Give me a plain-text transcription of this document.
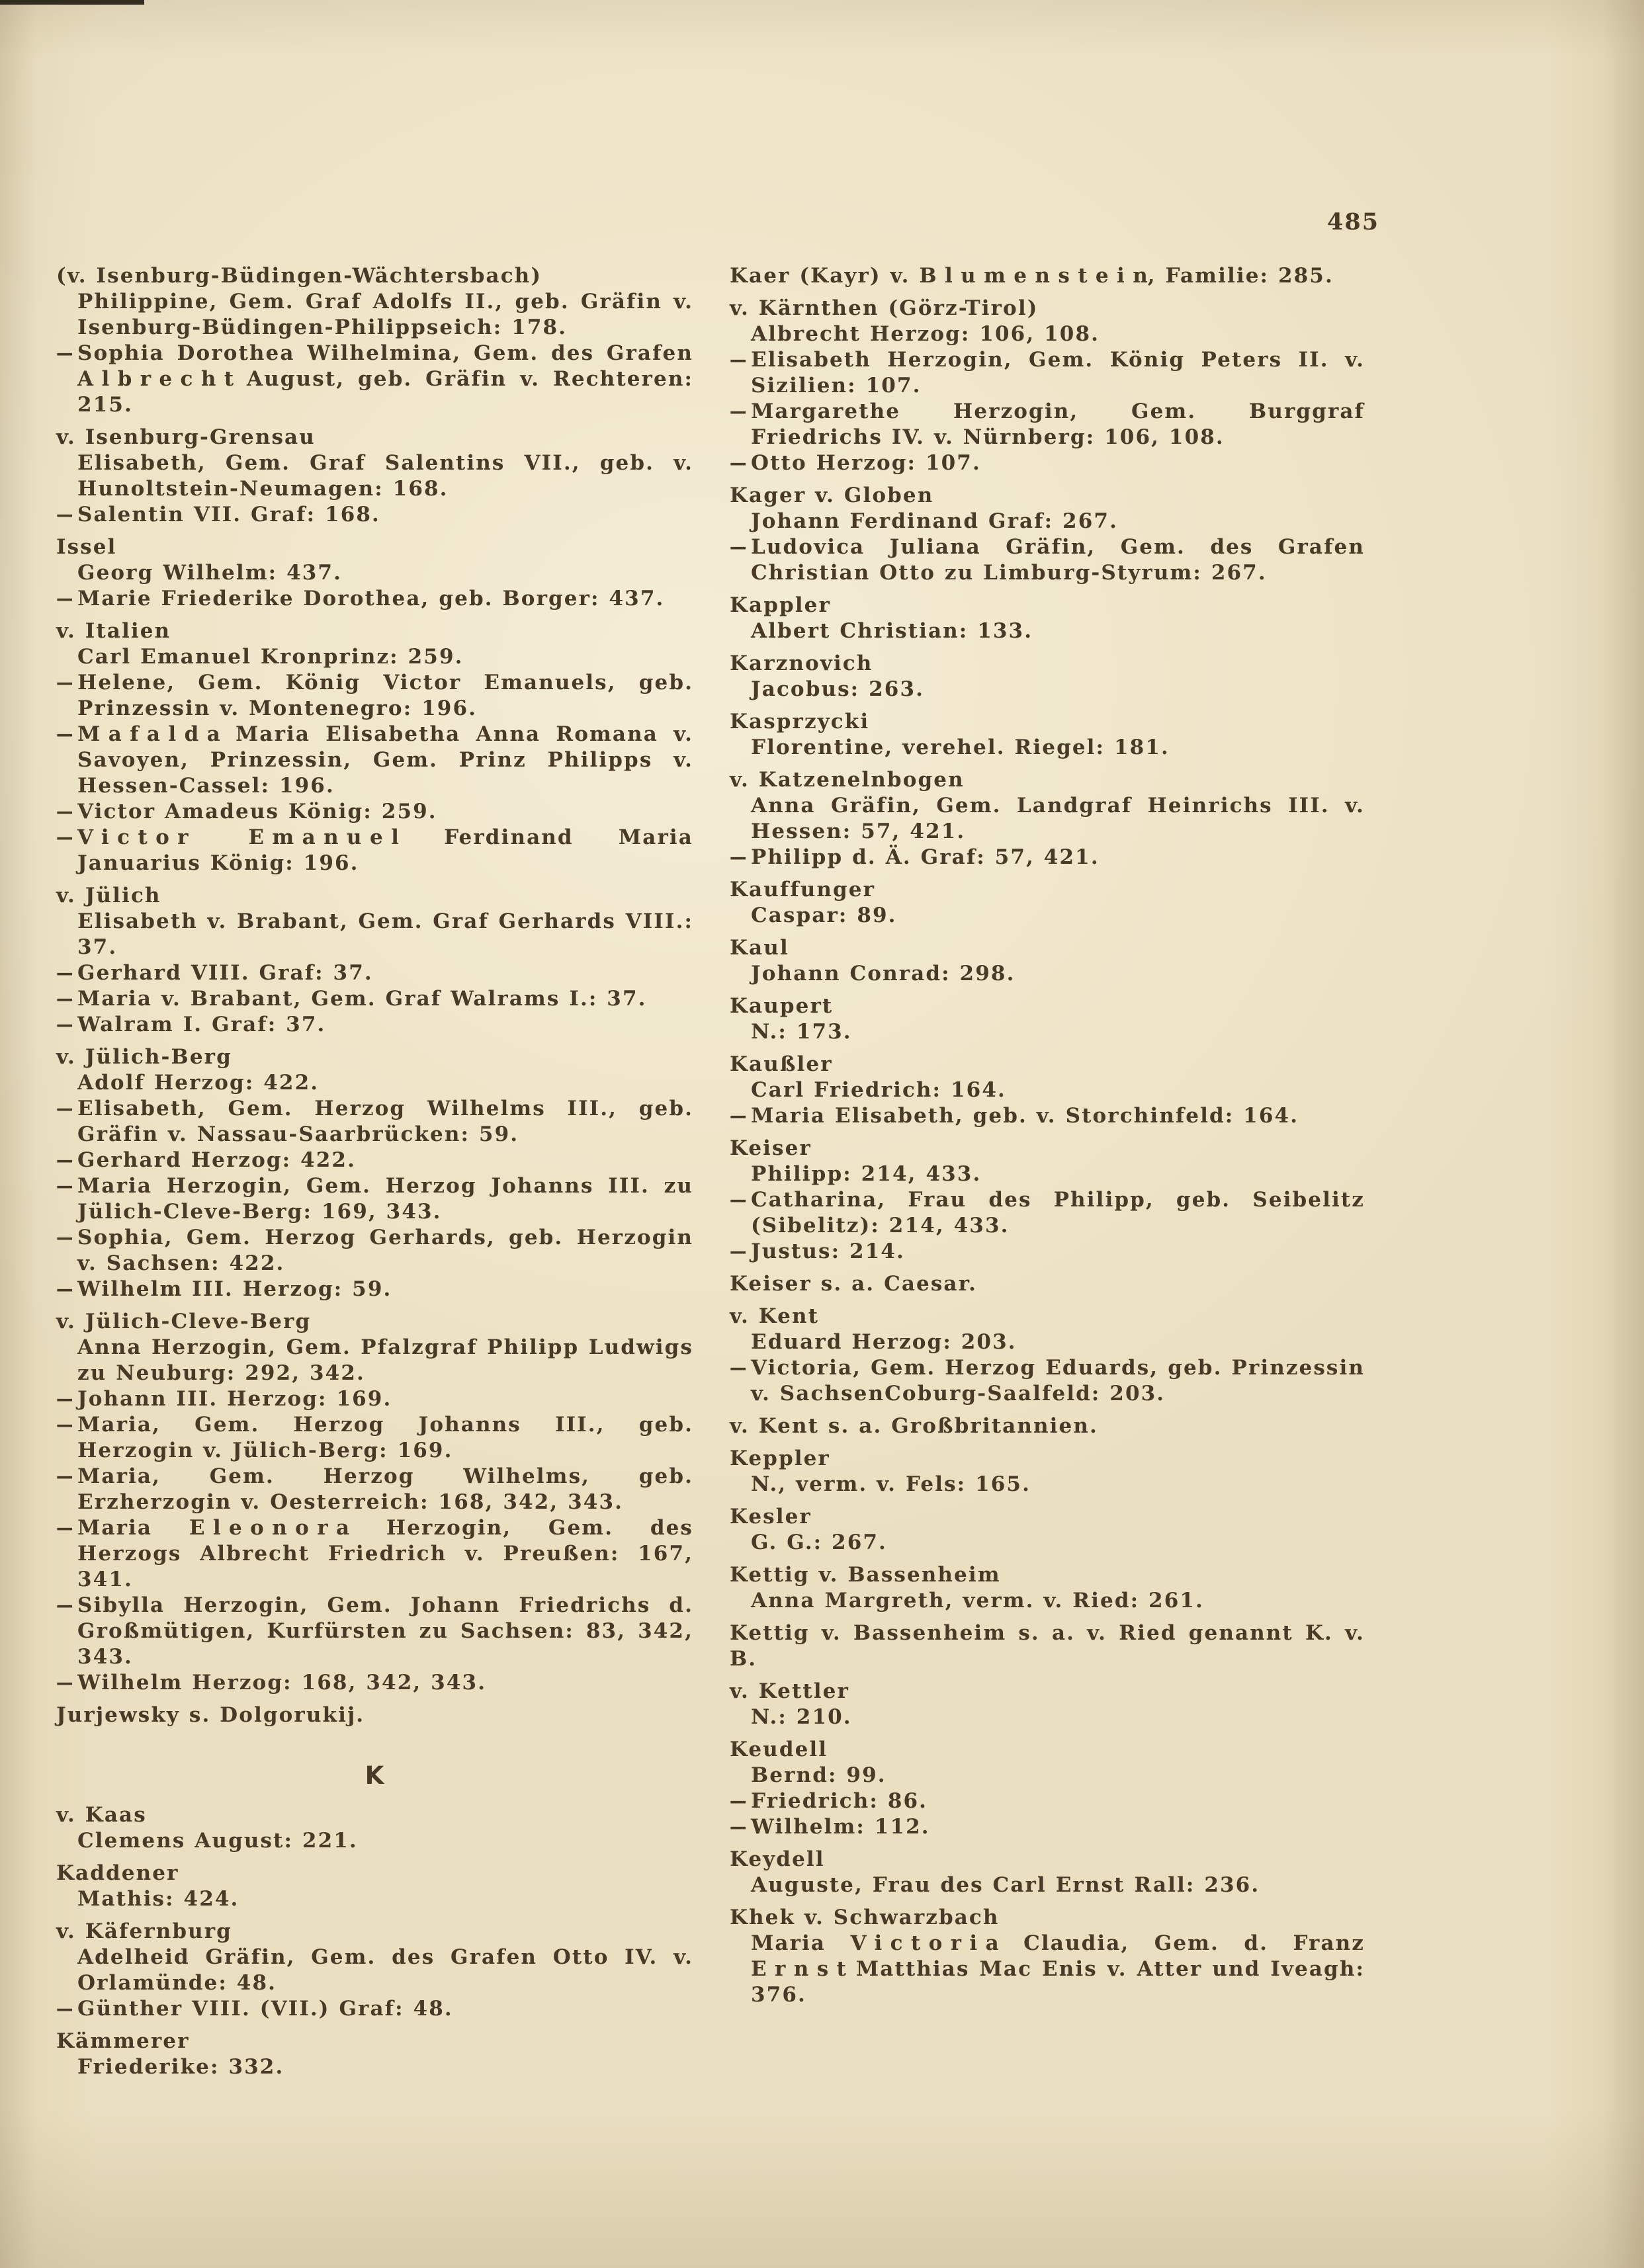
485
(v. Isenburg-Büdingen-Wächtersbach)
Philippine, Gem. Graf Adolfs II., geb. Gräfin v. Isenburg-Büdingen-Philippseich: 178.
— Sophia Dorothea Wilhelmina, Gem. des Grafen Albrecht August, geb. Gräfin v. Rechteren: 215.
v. Isenburg-Grensau
Elisabeth, Gem. Graf Salentins VII., geb. v. Hunoltstein-Neumagen: 168.
— Salentin VII. Graf: 168.
Issel
Georg Wilhelm: 437.
— Marie Friederike Dorothea, geb. Borger: 437.
v. Italien
Carl Emanuel Kronprinz: 259.
— Helene, Gem. König Victor Emanuels, geb. Prinzessin v. Montenegro: 196.
— Mafalda Maria Elisabetha Anna Romana v. Savoyen, Prinzessin, Gem. Prinz Philipps v. Hessen-Cassel: 196.
— Victor Amadeus König: 259.
— Victor Emanuel Ferdinand Maria Januarius König: 196.
v. Jülich
Elisabeth v. Brabant, Gem. Graf Gerhards VIII.: 37.
— Gerhard VIII. Graf: 37.
— Maria v. Brabant, Gem. Graf Walrams I.: 37.
— Walram I. Graf: 37.
v. Jülich-Berg
Adolf Herzog: 422.
— Elisabeth, Gem. Herzog Wilhelms III., geb. Gräfin v. Nassau-Saarbrücken: 59.
— Gerhard Herzog: 422.
— Maria Herzogin, Gem. Herzog Johanns III. zu Jülich-Cleve-Berg: 169, 343.
— Sophia, Gem. Herzog Gerhards, geb. Herzogin v. Sachsen: 422.
— Wilhelm III. Herzog: 59.
v. Jülich-Cleve-Berg
Anna Herzogin, Gem. Pfalzgraf Philipp Ludwigs zu Neuburg: 292, 342.
— Johann III. Herzog: 169.
— Maria, Gem. Herzog Johanns III., geb. Herzogin v. Jülich-Berg: 169.
— Maria, Gem. Herzog Wilhelms, geb. Erzherzogin v. Oesterreich: 168, 342, 343.
— Maria Eleonora Herzogin, Gem. des Herzogs Albrecht Friedrich v. Preußen: 167, 341.
— Sibylla Herzogin, Gem. Johann Friedrichs d. Großmütigen, Kurfürsten zu Sachsen: 83, 342, 343.
— Wilhelm Herzog: 168, 342, 343.
Jurjewsky s. Dolgorukij.
K
v. Kaas
Clemens August: 221.
Kaddener
Mathis: 424.
v. Käfernburg
Adelheid Gräfin, Gem. des Grafen Otto IV. v. Orlamünde: 48.
— Günther VIII. (VII.) Graf: 48.
Kämmerer
Friederike: 332.
Kaer (Kayr) v. Blumenstein, Familie: 285.
v. Kärnthen (Görz-Tirol)
Albrecht Herzog: 106, 108.
— Elisabeth Herzogin, Gem. König Peters II. v. Sizilien: 107.
— Margarethe Herzogin, Gem. Burggraf Friedrichs IV. v. Nürnberg: 106, 108.
— Otto Herzog: 107.
Kager v. Globen
Johann Ferdinand Graf: 267.
— Ludovica Juliana Gräfin, Gem. des Grafen Christian Otto zu Limburg-Styrum: 267.
Kappler
Albert Christian: 133.
Karznovich
Jacobus: 263.
Kasprzycki
Florentine, verehel. Riegel: 181.
v. Katzenelnbogen
Anna Gräfin, Gem. Landgraf Heinrichs III. v. Hessen: 57, 421.
— Philipp d. Ä. Graf: 57, 421.
Kauffunger
Caspar: 89.
Kaul
Johann Conrad: 298.
Kaupert
N.: 173.
Kaußler
Carl Friedrich: 164.
— Maria Elisabeth, geb. v. Storchinfeld: 164.
Keiser
Philipp: 214, 433.
— Catharina, Frau des Philipp, geb. Seibelitz (Sibelitz): 214, 433.
— Justus: 214.
Keiser s. a. Caesar.
v. Kent
Eduard Herzog: 203.
— Victoria, Gem. Herzog Eduards, geb. Prinzessin v. SachsenCoburg-Saalfeld: 203.
v. Kent s. a. Großbritannien.
Keppler
N., verm. v. Fels: 165.
Kesler
G. G.: 267.
Kettig v. Bassenheim
Anna Margreth, verm. v. Ried: 261.
Kettig v. Bassenheim s. a. v. Ried genannt K. v. B.
v. Kettler
N.: 210.
Keudell
Bernd: 99.
— Friedrich: 86.
— Wilhelm: 112.
Keydell
Auguste, Frau des Carl Ernst Rall: 236.
Khek v. Schwarzbach
Maria Victoria Claudia, Gem. d. Franz Ernst Matthias Mac Enis v. Atter und Iveagh: 376.
